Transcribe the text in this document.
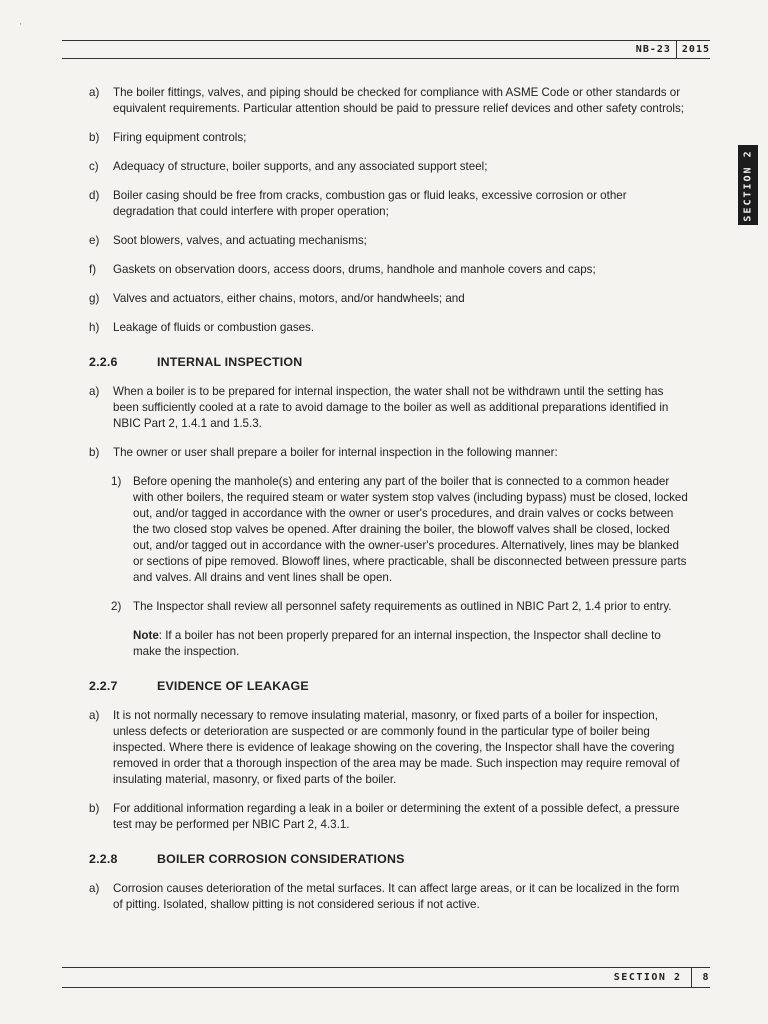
'
NB-23 2015
SECTION 2
a)	The boiler fittings, valves, and piping should be checked for compliance with ASME Code or other standards or equivalent requirements. Particular attention should be paid to pressure relief devices and other safety controls;
b)	Firing equipment controls;
c)	Adequacy of structure, boiler supports, and any associated support steel;
d)	Boiler casing should be free from cracks, combustion gas or fluid leaks, excessive corrosion or other degradation that could interfere with proper operation;
e)	Soot blowers, valves, and actuating mechanisms;
f)	Gaskets on observation doors, access doors, drums, handhole and manhole covers and caps;
g)	Valves and actuators, either chains, motors, and/or handwheels; and
h)	Leakage of fluids or combustion gases.
2.2.6	INTERNAL INSPECTION
a)	When a boiler is to be prepared for internal inspection, the water shall not be withdrawn until the setting has been sufficiently cooled at a rate to avoid damage to the boiler as well as additional preparations identified in NBIC Part 2, 1.4.1 and 1.5.3.
b)	The owner or user shall prepare a boiler for internal inspection in the following manner:
1)	Before opening the manhole(s) and entering any part of the boiler that is connected to a common header with other boilers, the required steam or water system stop valves (including bypass) must be closed, locked out, and/or tagged in accordance with the owner or user's procedures, and drain valves or cocks between the two closed stop valves be opened. After draining the boiler, the blowoff valves shall be closed, locked out, and/or tagged out in accordance with the owner-user's procedures. Alternatively, lines may be blanked or sections of pipe removed. Blowoff lines, where practicable, shall be disconnected between pressure parts and valves. All drains and vent lines shall be open.
2)	The Inspector shall review all personnel safety requirements as outlined in NBIC Part 2, 1.4 prior to entry.
Note: If a boiler has not been properly prepared for an internal inspection, the Inspector shall decline to make the inspection.
2.2.7	EVIDENCE OF LEAKAGE
a)	It is not normally necessary to remove insulating material, masonry, or fixed parts of a boiler for inspection, unless defects or deterioration are suspected or are commonly found in the particular type of boiler being inspected. Where there is evidence of leakage showing on the covering, the Inspector shall have the covering removed in order that a thorough inspection of the area may be made. Such inspection may require removal of insulating material, masonry, or fixed parts of the boiler.
b)	For additional information regarding a leak in a boiler or determining the extent of a possible defect, a pressure test may be performed per NBIC Part 2, 4.3.1.
2.2.8	BOILER CORROSION CONSIDERATIONS
a)	Corrosion causes deterioration of the metal surfaces. It can affect large areas, or it can be localized in the form of pitting. Isolated, shallow pitting is not considered serious if not active.
SECTION 2 8
